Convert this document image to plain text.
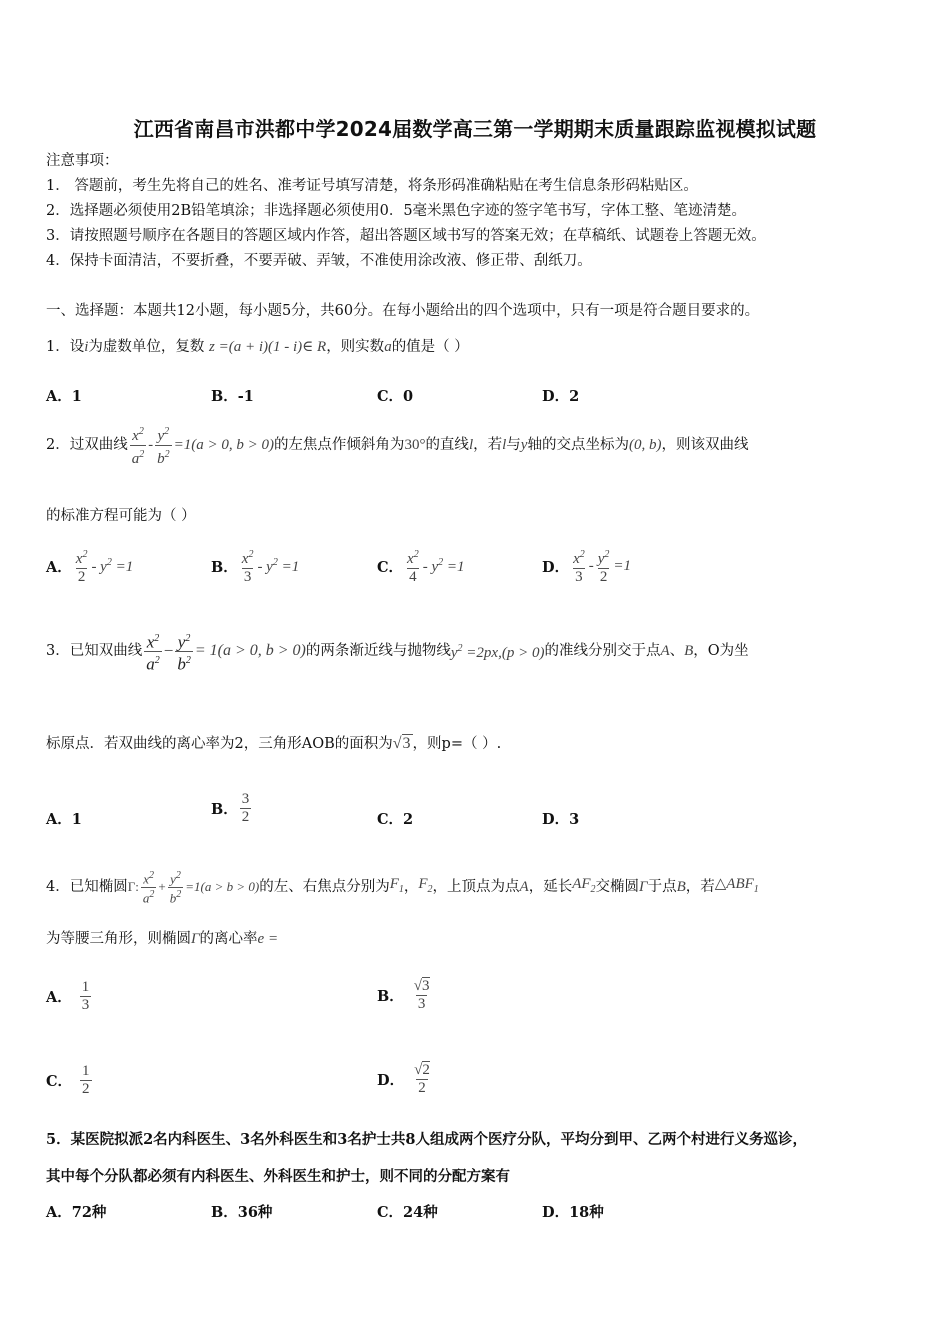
江西省南昌市洪都中学2024届数学高三第一学期期末质量跟踪监视模拟试题
注意事项：
1． 答题前，考生先将自己的姓名、准考证号填写清楚，将条形码准确粘贴在考生信息条形码粘贴区。
2．选择题必须使用2B铅笔填涂；非选择题必须使用0．5毫米黑色字迹的签字笔书写，字体工整、笔迹清楚。
3．请按照题号顺序在各题目的答题区域内作答，超出答题区域书写的答案无效；在草稿纸、试题卷上答题无效。
4．保持卡面清洁，不要折叠，不要弄破、弄皱，不准使用涂改液、修正带、刮纸刀。
一、选择题：本题共12小题，每小题5分，共60分。在每小题给出的四个选项中，只有一项是符合题目要求的。
1．设i为虚数单位，复数 z =(a + i)(1 - i)∈ R，则实数a的值是（ ）
A．1	B．-1	C．0	D．2
2．过双曲线 $\frac{x^2}{a^2} - \frac{y^2}{b^2} =1(a > 0$, b > 0) 的左焦点作倾斜角为 30° 的直线 l ，若 l 与 y 轴的交点坐标为 (0, b) ，则该双曲线
的标准方程可能为（ ）
A． $\frac{x^2}{2} - y^2 =1$	B． $\frac{x^2}{3} - y^2 =1$	C． $\frac{x^2}{4} - y^2 =1$	D． $\frac{x^2}{3} - \frac{y^2}{2} =1$
3．已知双曲线 $\frac{x^2}{a^2} - \frac{y^2}{b^2} = 1(a > 0$, b > 0) 的两条渐近线与抛物线 $y^2 =2px,(p > 0)$ 的准线分别交于点 A 、 B ，O为坐
标原点．若双曲线的离心率为2，三角形AOB的面积为 √3 ，则p=（ ）.
A．1
B． $\frac{3}{2}$	C．2	D．3
4．已知椭圆 Γ: $\frac{x^2}{a^2} + \frac{y^2}{b^2} =1(a > b > 0)$ 的左、右焦点分别为 $F_1$ ， $F_2$ ，上顶点为点 A ，延长 $AF_2$ 交椭圆 Γ 于点 B ，若 $\triangle ABF_1$
为等腰三角形，则椭圆Γ的离心率e =
A． $\frac{1}{3}$	B． $\frac{√3}{3}$
C． $\frac{1}{2}$	D． $\frac{√2}{2}$
5．某医院拟派2名内科医生、3名外科医生和3名护士共8人组成两个医疗分队，平均分到甲、乙两个村进行义务巡诊，
其中每个分队都必须有内科医生、外科医生和护士，则不同的分配方案有
A．72种	B．36种	C．24种	D．18种
